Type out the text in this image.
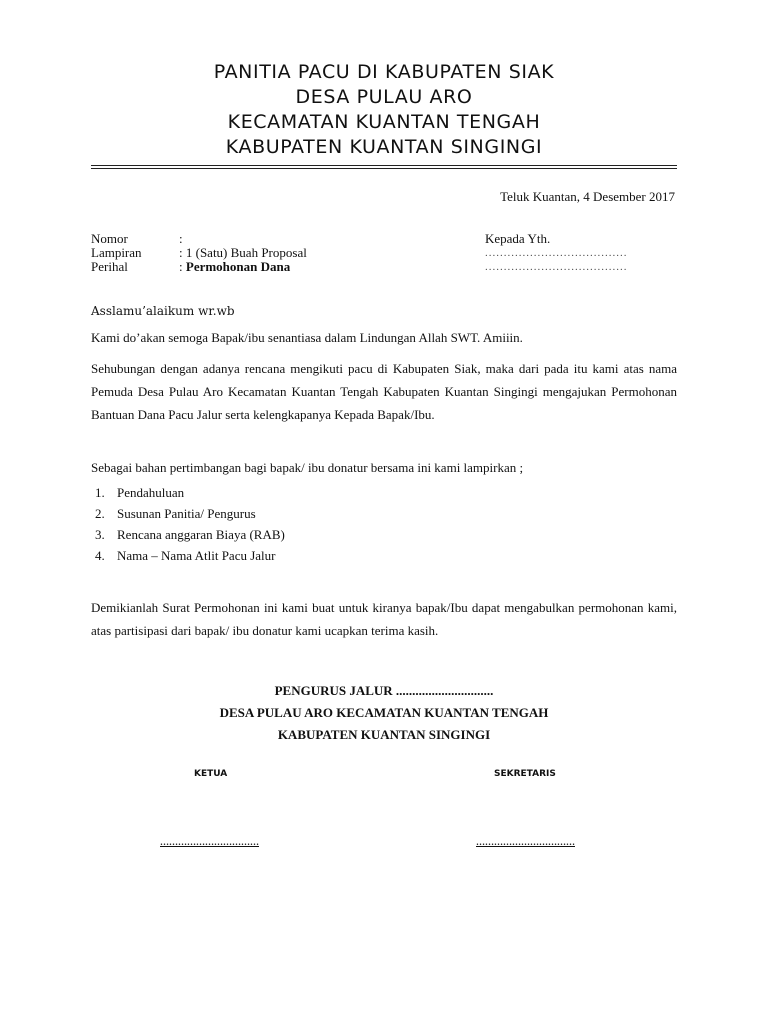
PANITIA PACU DI KABUPATEN SIAK
DESA PULAU ARO
KECAMATAN KUANTAN TENGAH
KABUPATEN KUANTAN SINGINGI
Teluk Kuantan, 4 Desember 2017
Nomor	:
Lampiran	: 1 (Satu) Buah Proposal
Perihal	: Permohonan Dana
Kepada Yth.
......................................
......................................
Asslamu’alaikum wr.wb
Kami do’akan semoga Bapak/ibu senantiasa dalam Lindungan Allah SWT. Amiiin.
Sehubungan dengan adanya rencana mengikuti pacu di Kabupaten Siak, maka dari pada itu kami atas nama Pemuda Desa Pulau Aro Kecamatan Kuantan Tengah Kabupaten Kuantan Singingi mengajukan Permohonan Bantuan Dana Pacu Jalur serta kelengkapanya Kepada Bapak/Ibu.
Sebagai bahan pertimbangan bagi bapak/ ibu donatur bersama ini kami lampirkan ;
1. Pendahuluan
2. Susunan Panitia/ Pengurus
3. Rencana anggaran Biaya (RAB)
4. Nama – Nama Atlit Pacu Jalur
Demikianlah Surat Permohonan ini kami buat untuk kiranya bapak/Ibu dapat mengabulkan permohonan kami, atas partisipasi dari bapak/ ibu donatur kami ucapkan terima kasih.
PENGURUS JALUR ..............................
DESA PULAU ARO KECAMATAN KUANTAN TENGAH
KABUPATEN KUANTAN SINGINGI
KETUA	SEKRETARIS
……………………………	……………………………
